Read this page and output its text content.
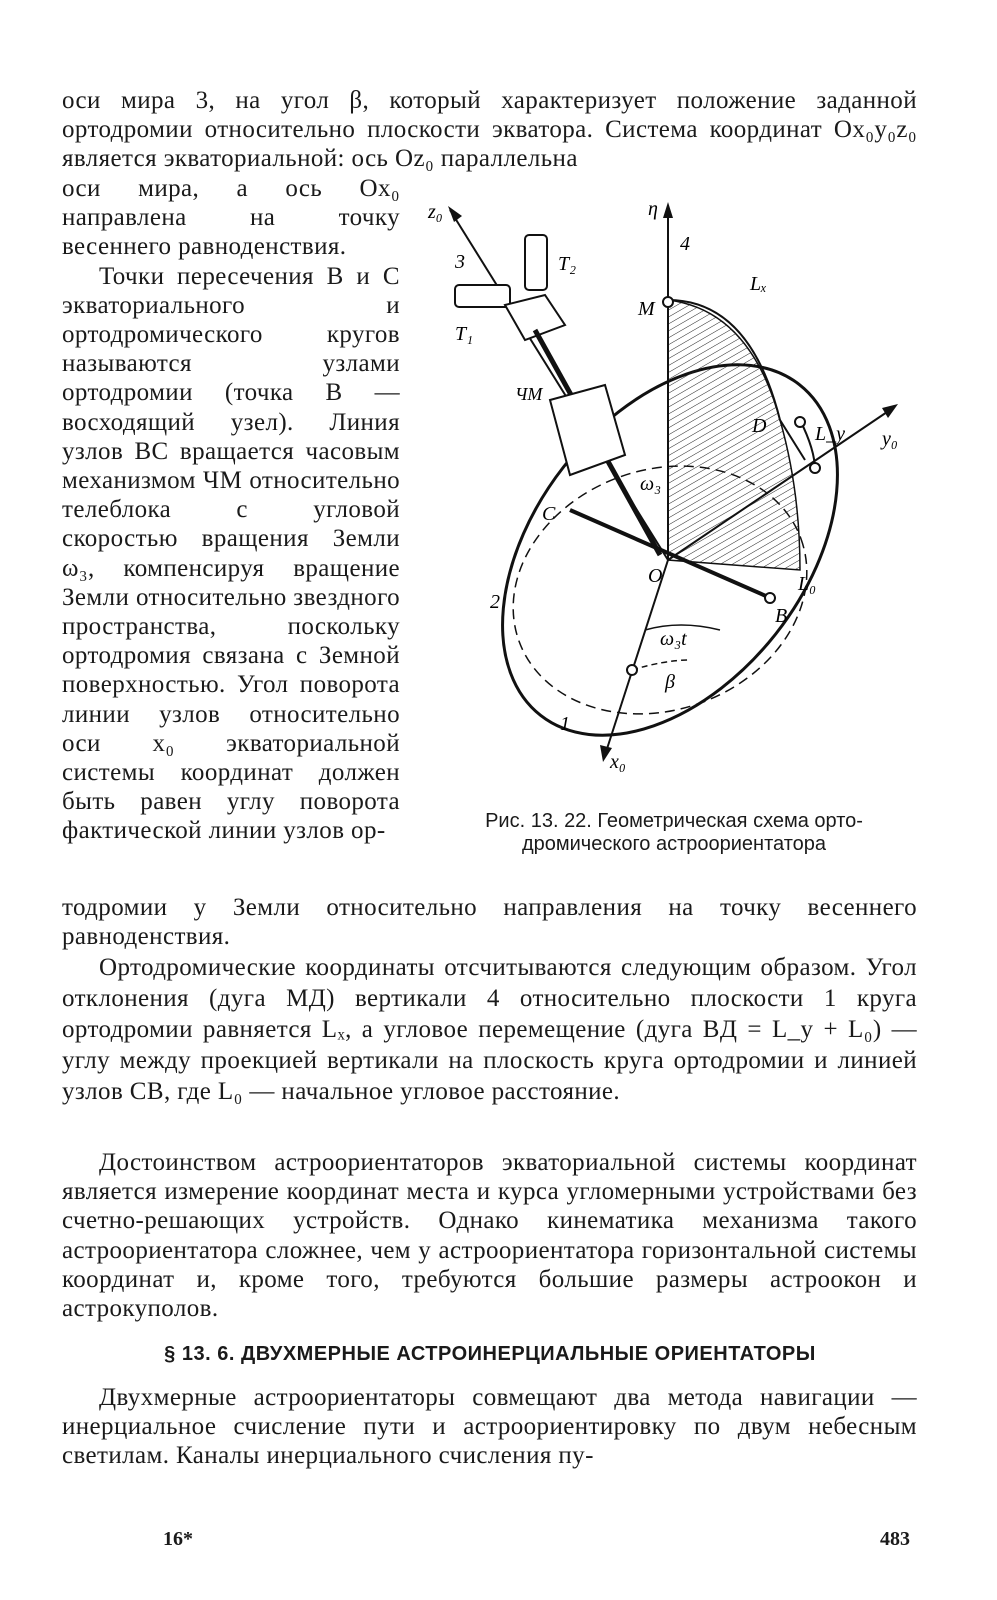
оси мира 3, на угол β, который характеризует положение заданной ортодромии относительно плоскости экватора. Система координат Ox₀y₀z₀ является экваториальной: ось Oz₀ параллельна

оси мира, а ось Ox₀ направлена на точку весеннего равноденствия.

Точки пересечения B и C экваториального и ортодромического кругов называются узлами ортодромии (точка B — восходящий узел). Линия узлов BC вращается часовым механизмом ЧМ относительно телеблока с угловой скоростью вращения Земли ω₃, компенсируя вращение Земли относительно звездного пространства, поскольку ортодромия связана с Земной поверхностью. Угол поворота линии узлов относительно оси x₀ экваториальной системы координат должен быть равен углу поворота фактической линии узлов ор-

тодромии у Земли относительно направления на точку весеннего равноденствия.

Ортодромические координаты отсчитываются следующим образом. Угол отклонения (дуга МД) вертикали 4 относительно плоскости 1 круга ортодромии равняется Lₓ, а угловое перемещение (дуга BД = L_y + L₀) — углу между проекцией вертикали на плоскость круга ортодромии и линией узлов CB, где L₀ — начальное угловое расстояние.

Достоинством астроориентаторов экваториальной системы координат является измерение координат места и курса угломерными устройствами без счетно-решающих устройств. Однако кинематика механизма такого астроориентатора сложнее, чем у астроориентатора горизонтальной системы координат и, кроме того, требуются большие размеры астроокон и астрокуполов.

§ 13. 6. ДВУХМЕРНЫЕ АСТРОИНЕРЦИАЛЬНЫЕ ОРИЕНТАТОРЫ

Двухмерные астроориентаторы совмещают два метода навигации — инерциальное счисление пути и астроориентировку по двум небесным светилам. Каналы инерциального счисления пу-

z₀	η
3
4
T₂
T₁
M
Lₓ
D L_y y₀
ЧМ
ω₃
C
O
2
ω₃t
L₀
B
β
1
x₀
Рис. 13. 22. Геометрическая схема орто-
дромического астроориентатора
16*	483
